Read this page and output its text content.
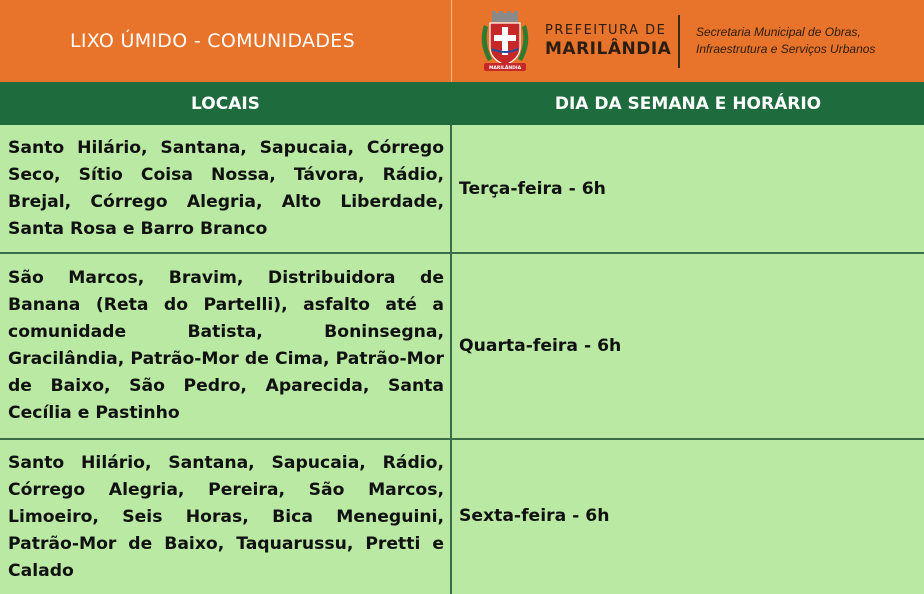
LIXO ÚMIDO - COMUNIDADES
MARILÂNDIA
PREFEITURA DE
MARILÂNDIA
Secretaria Municipal de Obras,
Infraestrutura e Serviços Urbanos
LOCAIS	DIA DA SEMANA E HORÁRIO
Santo Hilário, Santana, Sapucaia, Córrego Seco, Sítio Coisa Nossa, Távora, Rádio, Brejal, Córrego Alegria, Alto Liberdade, Santa Rosa e Barro Branco
Terça-feira - 6h
São Marcos, Bravim, Distribuidora de Banana (Reta do Partelli), asfalto até a comunidade Batista, Boninsegna, Gracilândia, Patrão-Mor de Cima, Patrão-Mor de Baixo, São Pedro, Aparecida, Santa Cecília e Pastinho
Quarta-feira - 6h
Santo Hilário, Santana, Sapucaia, Rádio, Córrego Alegria, Pereira, São Marcos, Limoeiro, Seis Horas, Bica Meneguini, Patrão-Mor de Baixo, Taquarussu, Pretti e Calado
Sexta-feira - 6h
